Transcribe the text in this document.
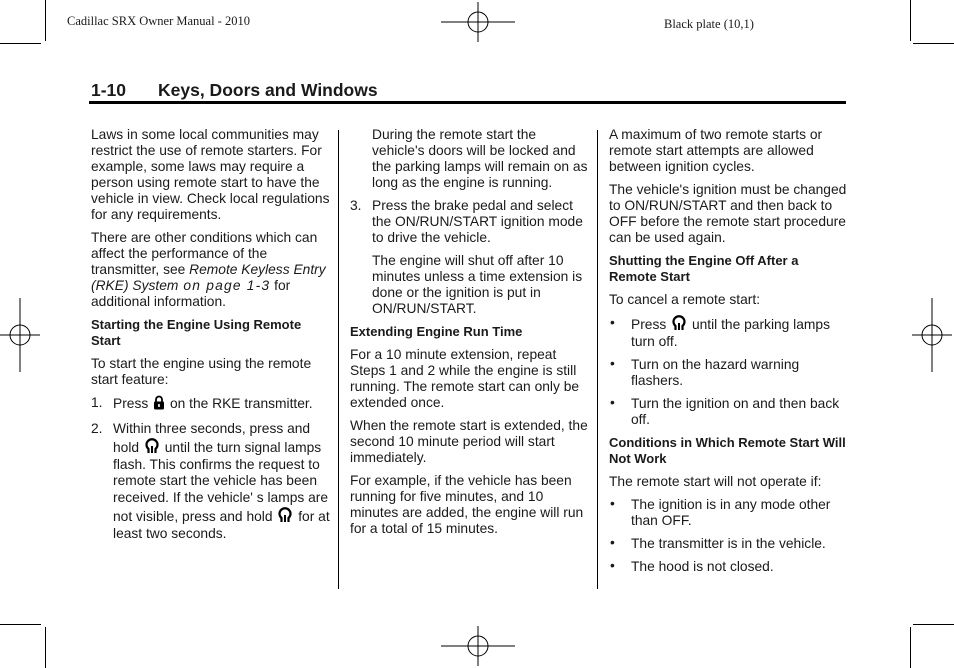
Cadillac SRX Owner Manual - 2010	Black plate (10,1)
1-10 Keys, Doors and Windows

Laws in some local communities may restrict the use of remote starters. For example, some laws may require a person using remote start to have the vehicle in view. Check local regulations for any requirements.

There are other conditions which can affect the performance of the transmitter, see Remote Keyless Entry (RKE) System on page 1-3 for additional information.

Starting the Engine Using Remote Start

To start the engine using the remote start feature:

1. Press  on the RKE transmitter.
2. Within three seconds, press and hold  until the turn signal lamps flash. This confirms the request to remote start the vehicle has been received. If the vehicle' s lamps are not visible, press and hold  for at least two seconds.
During the remote start the vehicle's doors will be locked and the parking lamps will remain on as long as the engine is running.
3. Press the brake pedal and select the ON/RUN/START ignition mode to drive the vehicle.
The engine will shut off after 10 minutes unless a time extension is done or the ignition is put in ON/RUN/START.
Extending Engine Run Time

For a 10 minute extension, repeat Steps 1 and 2 while the engine is still running. The remote start can only be extended once.

When the remote start is extended, the second 10 minute period will start immediately.

For example, if the vehicle has been running for five minutes, and 10 minutes are added, the engine will run for a total of 15 minutes.

A maximum of two remote starts or remote start attempts are allowed between ignition cycles.

The vehicle's ignition must be changed to ON/RUN/START and then back to OFF before the remote start procedure can be used again.

Shutting the Engine Off After a Remote Start

To cancel a remote start:

• Press  until the parking lamps turn off.
• Turn on the hazard warning flashers.
• Turn the ignition on and then back off.
Conditions in Which Remote Start Will Not Work

The remote start will not operate if:

• The ignition is in any mode other than OFF.
• The transmitter is in the vehicle.
• The hood is not closed.
